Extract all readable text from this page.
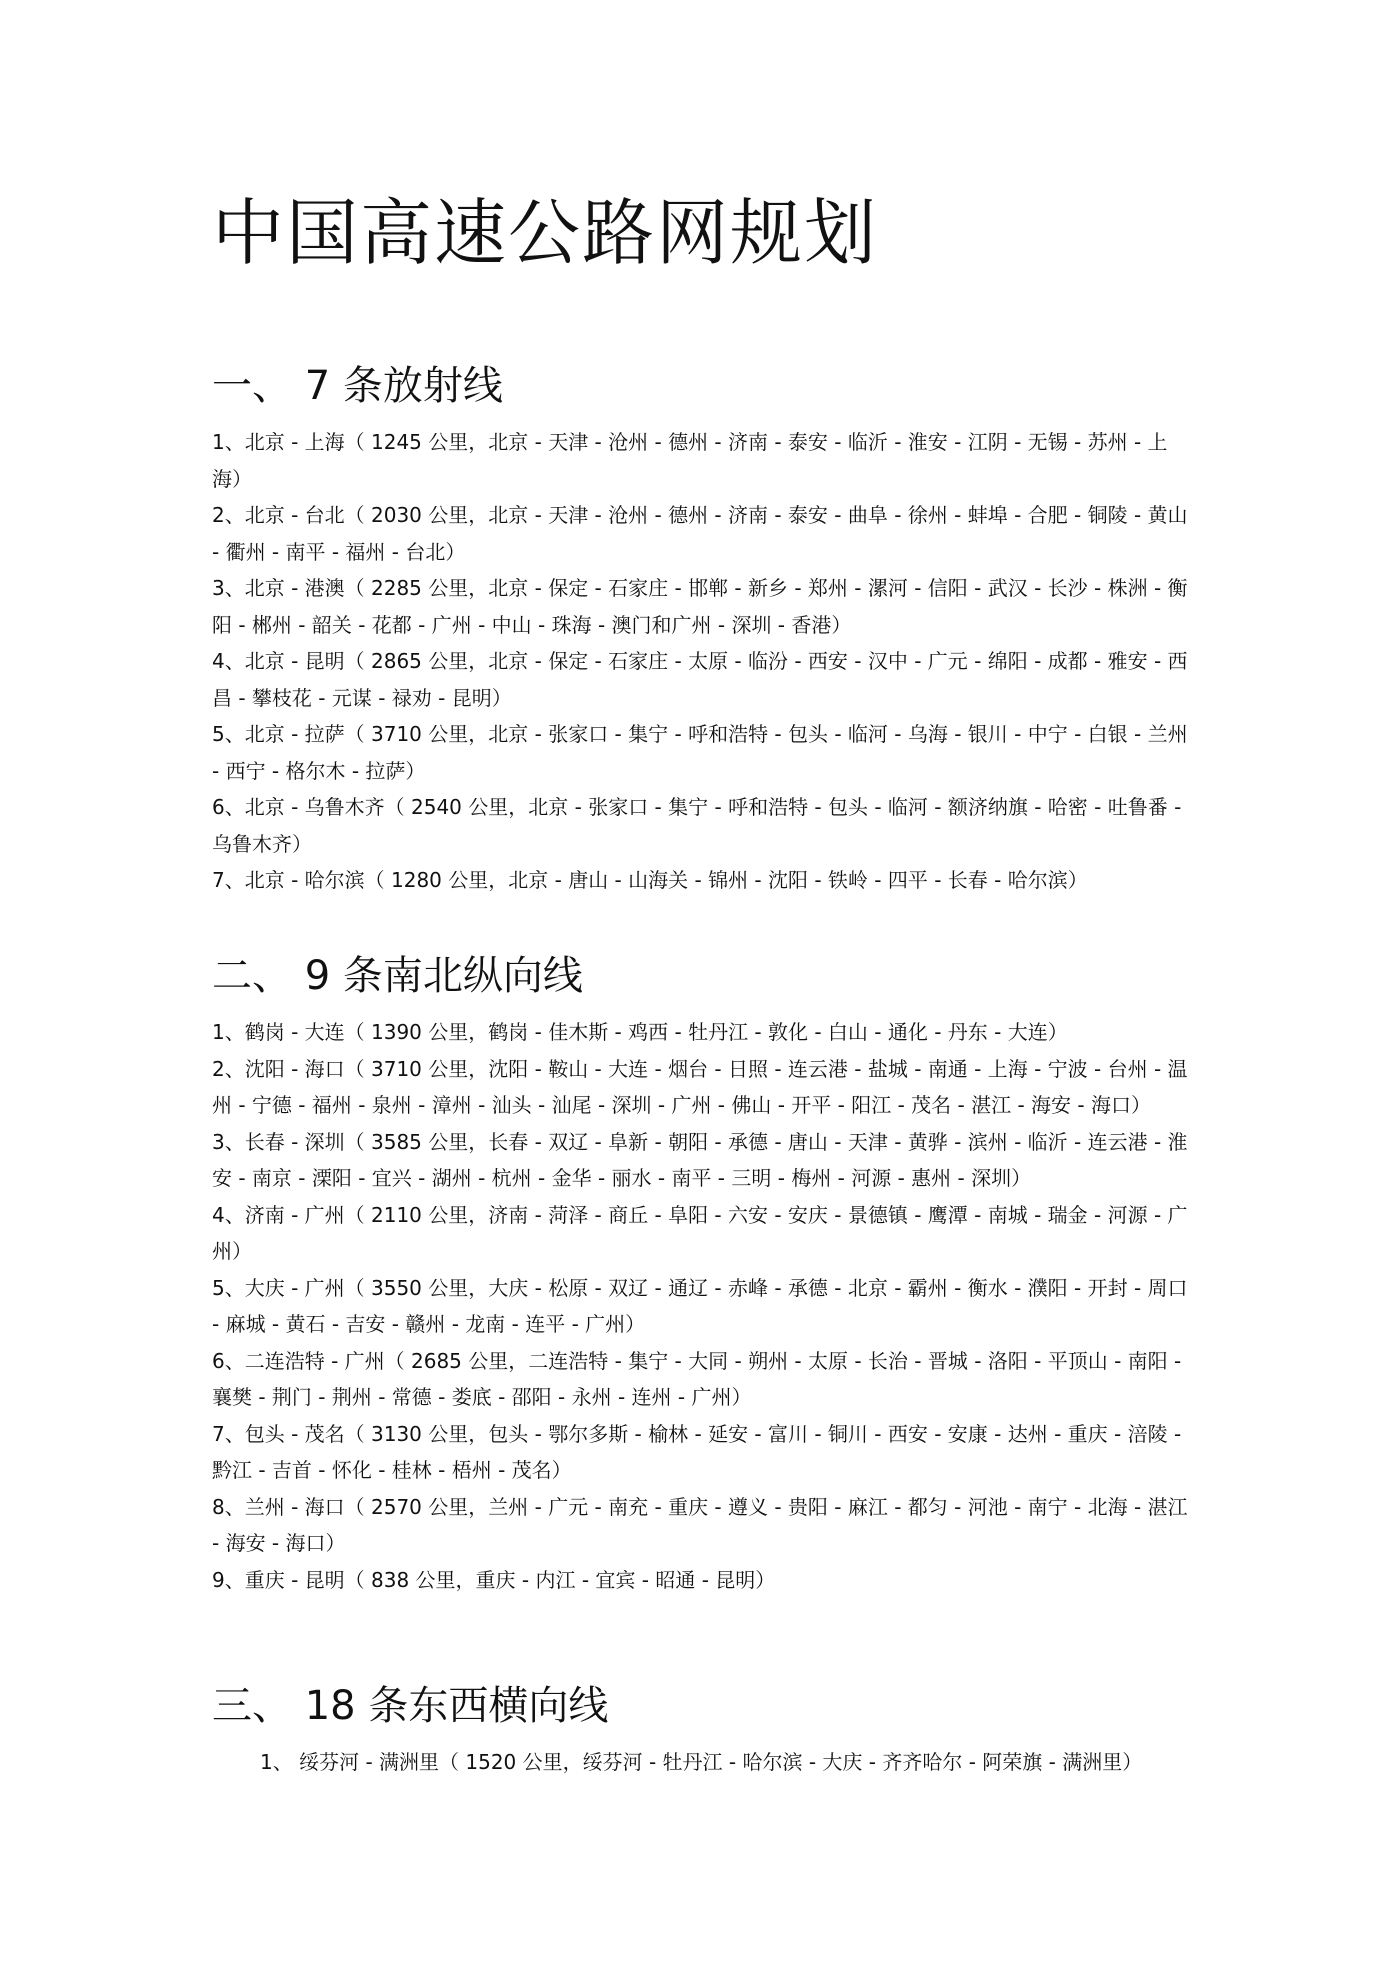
中国高速公路网规划
一、 7 条放射线
1、北京 - 上海（ 1245 公里，北京 - 天津 - 沧州 - 德州 - 济南 - 泰安 - 临沂 - 淮安 - 江阴 - 无锡 - 苏州 - 上海）
2、北京 - 台北（ 2030 公里，北京 - 天津 - 沧州 - 德州 - 济南 - 泰安 - 曲阜 - 徐州 - 蚌埠 - 合肥 - 铜陵 - 黄山 - 衢州 - 南平 - 福州 - 台北）
3、北京 - 港澳（ 2285 公里，北京 - 保定 - 石家庄 - 邯郸 - 新乡 - 郑州 - 漯河 - 信阳 - 武汉 - 长沙 - 株洲 - 衡阳 - 郴州 - 韶关 - 花都 - 广州 - 中山 - 珠海 - 澳门和广州 - 深圳 - 香港）
4、北京 - 昆明（ 2865 公里，北京 - 保定 - 石家庄 - 太原 - 临汾 - 西安 - 汉中 - 广元 - 绵阳 - 成都 - 雅安 - 西昌 - 攀枝花 - 元谋 - 禄劝 - 昆明）
5、北京 - 拉萨（ 3710 公里，北京 - 张家口 - 集宁 - 呼和浩特 - 包头 - 临河 - 乌海 - 银川 - 中宁 - 白银 - 兰州 - 西宁 - 格尔木 - 拉萨）
6、北京 - 乌鲁木齐（ 2540 公里，北京 - 张家口 - 集宁 - 呼和浩特 - 包头 - 临河 - 额济纳旗 - 哈密 - 吐鲁番 - 乌鲁木齐）
7、北京 - 哈尔滨（ 1280 公里，北京 - 唐山 - 山海关 - 锦州 - 沈阳 - 铁岭 - 四平 - 长春 - 哈尔滨）
二、 9 条南北纵向线
1、鹤岗 - 大连（ 1390 公里，鹤岗 - 佳木斯 - 鸡西 - 牡丹江 - 敦化 - 白山 - 通化 - 丹东 - 大连）
2、沈阳 - 海口（ 3710 公里，沈阳 - 鞍山 - 大连 - 烟台 - 日照 - 连云港 - 盐城 - 南通 - 上海 - 宁波 - 台州 - 温州 - 宁德 - 福州 - 泉州 - 漳州 - 汕头 - 汕尾 - 深圳 - 广州 - 佛山 - 开平 - 阳江 - 茂名 - 湛江 - 海安 - 海口）
3、长春 - 深圳（ 3585 公里，长春 - 双辽 - 阜新 - 朝阳 - 承德 - 唐山 - 天津 - 黄骅 - 滨州 - 临沂 - 连云港 - 淮安 - 南京 - 溧阳 - 宜兴 - 湖州 - 杭州 - 金华 - 丽水 - 南平 - 三明 - 梅州 - 河源 - 惠州 - 深圳）
4、济南 - 广州（ 2110 公里，济南 - 菏泽 - 商丘 - 阜阳 - 六安 - 安庆 - 景德镇 - 鹰潭 - 南城 - 瑞金 - 河源 - 广州）
5、大庆 - 广州（ 3550 公里，大庆 - 松原 - 双辽 - 通辽 - 赤峰 - 承德 - 北京 - 霸州 - 衡水 - 濮阳 - 开封 - 周口 - 麻城 - 黄石 - 吉安 - 赣州 - 龙南 - 连平 - 广州）
6、二连浩特 - 广州（ 2685 公里，二连浩特 - 集宁 - 大同 - 朔州 - 太原 - 长治 - 晋城 - 洛阳 - 平顶山 - 南阳 - 襄樊 - 荆门 - 荆州 - 常德 - 娄底 - 邵阳 - 永州 - 连州 - 广州）
7、包头 - 茂名（ 3130 公里，包头 - 鄂尔多斯 - 榆林 - 延安 - 富川 - 铜川 - 西安 - 安康 - 达州 - 重庆 - 涪陵 - 黔江 - 吉首 - 怀化 - 桂林 - 梧州 - 茂名）
8、兰州 - 海口（ 2570 公里，兰州 - 广元 - 南充 - 重庆 - 遵义 - 贵阳 - 麻江 - 都匀 - 河池 - 南宁 - 北海 - 湛江 - 海安 - 海口）
9、重庆 - 昆明（ 838 公里，重庆 - 内江 - 宜宾 - 昭通 - 昆明）
三、 18 条东西横向线
1、 绥芬河 - 满洲里（ 1520 公里，绥芬河 - 牡丹江 - 哈尔滨 - 大庆 - 齐齐哈尔 - 阿荣旗 - 满洲里）
